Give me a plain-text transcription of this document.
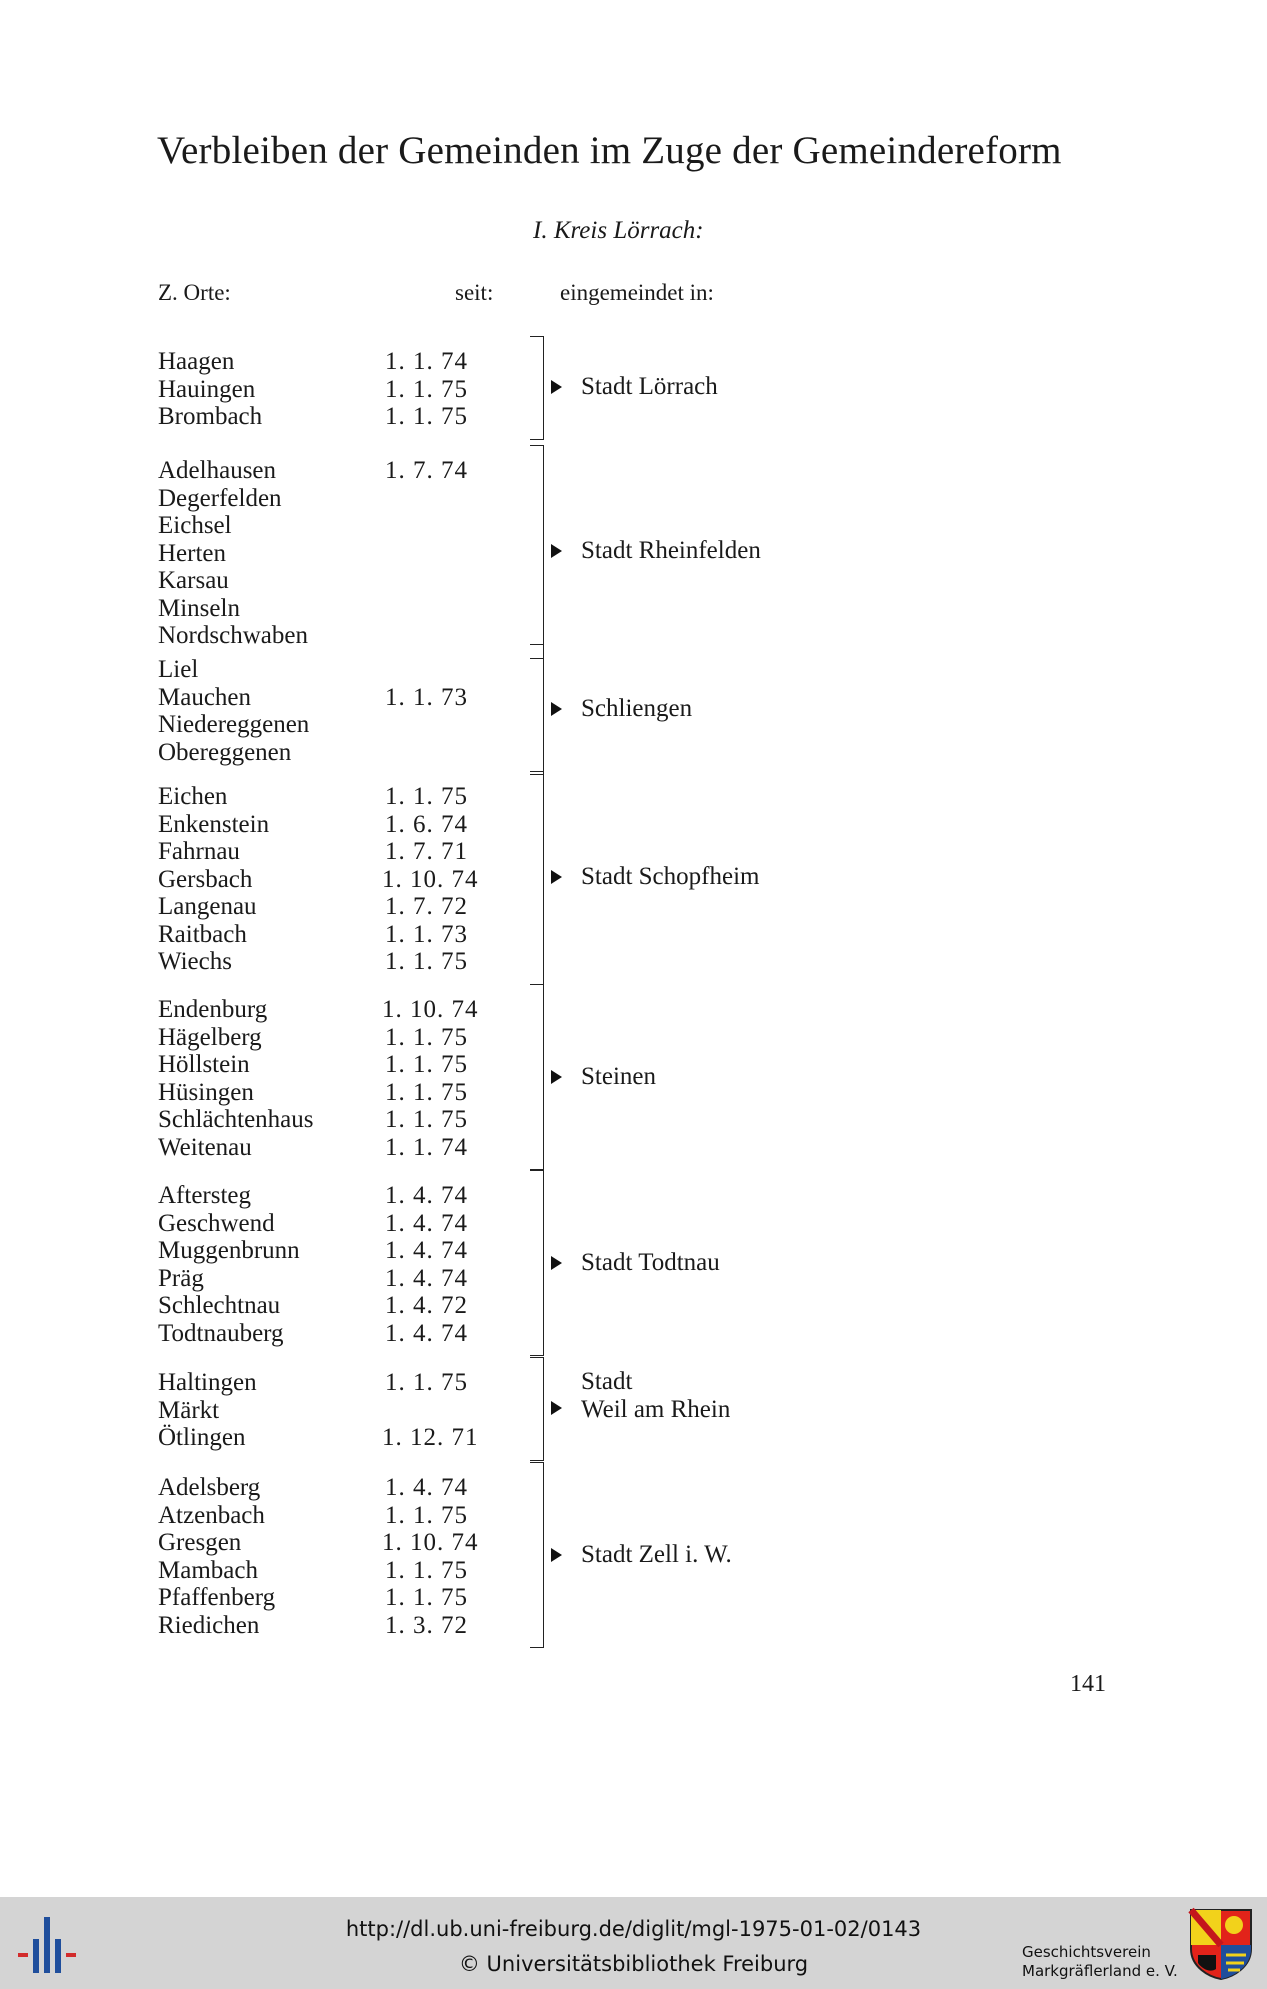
Verbleiben der Gemeinden im Zuge der Gemeindereform
I. Kreis Lörrach:
Z. Orte:	seit:	eingemeindet in:
Haagen	1. 1. 74
Hauingen	1. 1. 75
Brombach	1. 1. 75
Stadt Lörrach
Adelhausen	1. 7. 74
Degerfelden
Eichsel
Herten
Karsau
Minseln
Nordschwaben
Stadt Rheinfelden
Liel
Mauchen	1. 1. 73
Niedereggenen
Obereggenen
Schliengen
Eichen	1. 1. 75
Enkenstein	1. 6. 74
Fahrnau	1. 7. 71
Gersbach	1. 10. 74
Langenau	1. 7. 72
Raitbach	1. 1. 73
Wiechs	1. 1. 75
Stadt Schopfheim
Endenburg	1. 10. 74
Hägelberg	1. 1. 75
Höllstein	1. 1. 75
Hüsingen	1. 1. 75
Schlächtenhaus	1. 1. 75
Weitenau	1. 1. 74
Steinen
Aftersteg	1. 4. 74
Geschwend	1. 4. 74
Muggenbrunn	1. 4. 74
Präg	1. 4. 74
Schlechtnau	1. 4. 72
Todtnauberg	1. 4. 74
Stadt Todtnau
Haltingen	1. 1. 75
Märkt
Ötlingen	1. 12. 71
Stadt
Weil am Rhein
Adelsberg	1. 4. 74
Atzenbach	1. 1. 75
Gresgen	1. 10. 74
Mambach	1. 1. 75
Pfaffenberg	1. 1. 75
Riedichen	1. 3. 72
Stadt Zell i. W.
141
http://dl.ub.uni-freiburg.de/diglit/mgl-1975-01-02/0143
© Universitätsbibliothek Freiburg	Geschichtsverein
Markgräflerland e. V.
